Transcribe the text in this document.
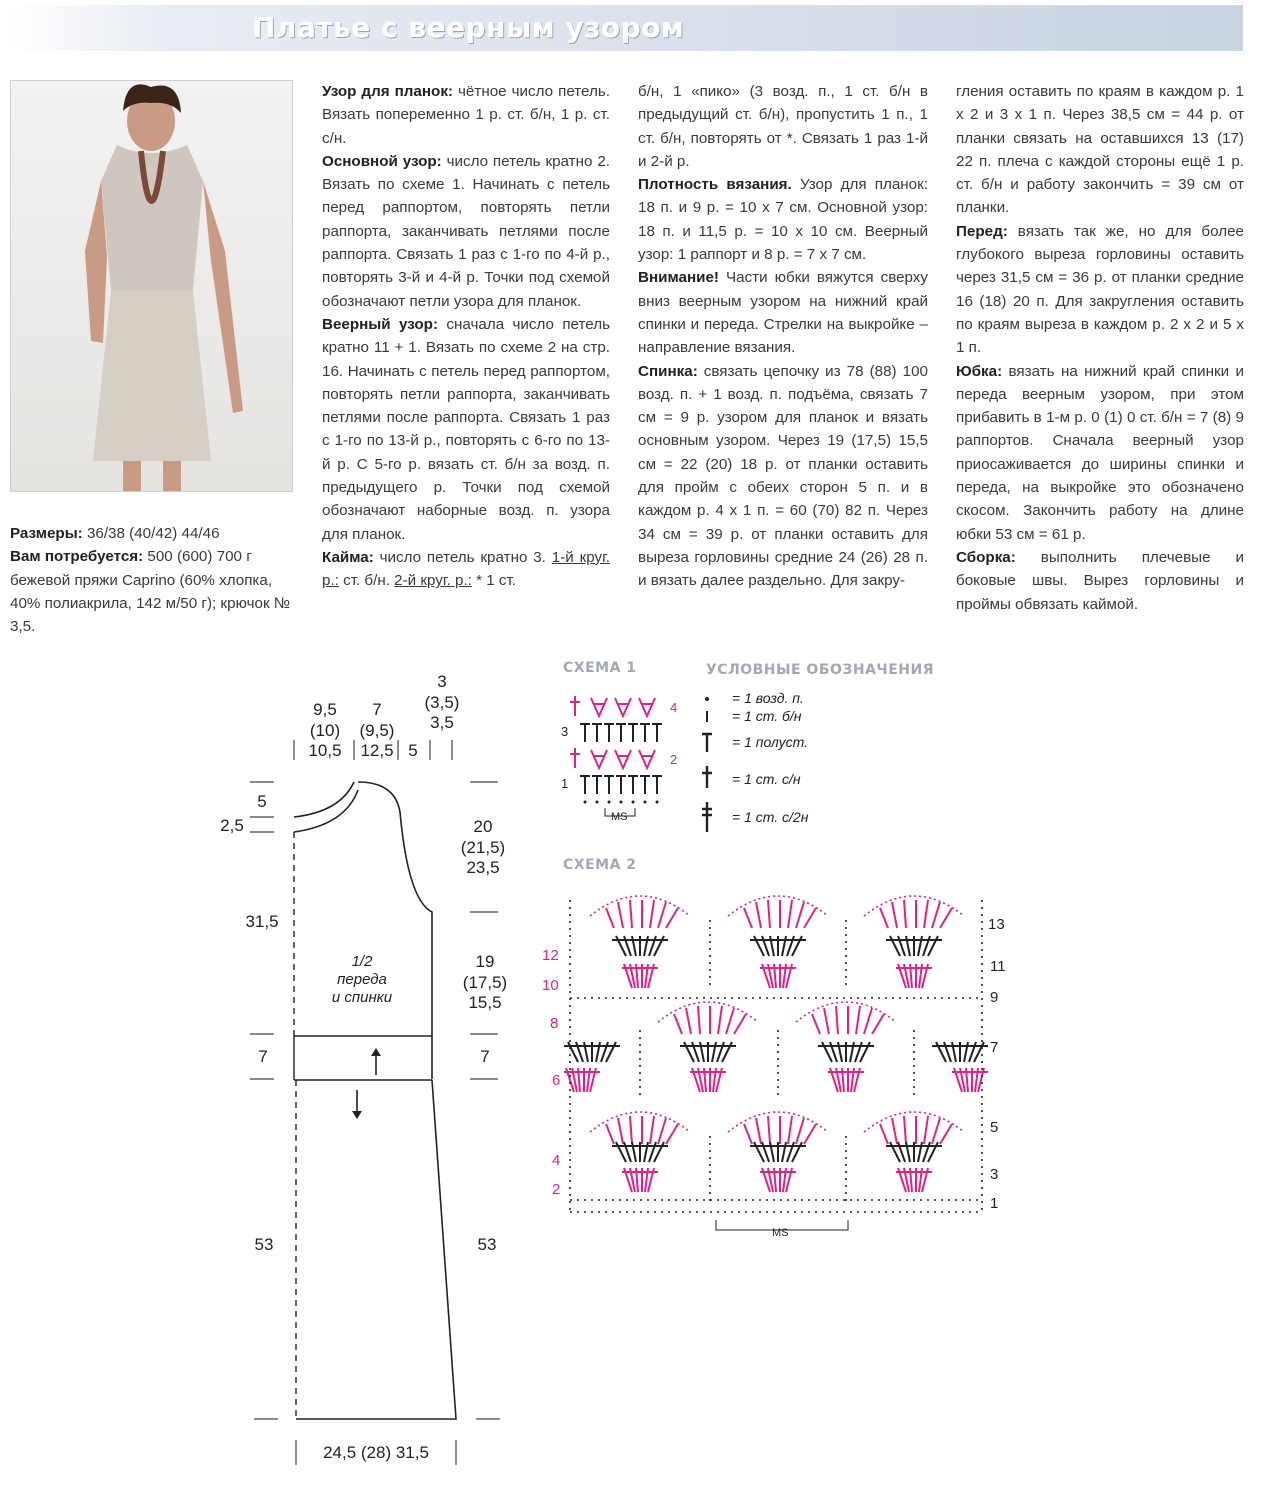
Платье с веерным узором

Размеры: 36/38 (40/42) 44/46

Вам потребуется: 500 (600) 700 г бежевой пряжи Caprino (60% хлопка, 40% полиакрила, 142 м/50 г); крючок № 3,5.

Узор для планок: чётное число петель. Вязать попеременно 1 р. ст. б/н, 1 р. ст. с/н.

Основной узор: число петель кратно 2. Вязать по схеме 1. Начинать с петель перед раппортом, повторять петли раппорта, заканчивать петлями после раппорта. Связать 1 раз с 1-го по 4-й р., повторять 3-й и 4-й р. Точки под схемой обозначают петли узора для планок.

Веерный узор: сначала число петель кратно 11 + 1. Вязать по схеме 2 на стр. 16. Начинать с петель перед раппортом, повторять петли раппорта, заканчивать петлями после раппорта. Связать 1 раз с 1-го по 13-й р., повторять с 6-го по 13-й р. С 5-го р. вязать ст. б/н за возд. п. предыдущего р. Точки под схемой обозначают наборные возд. п. узора для планок.

Кайма: число петель кратно 3. 1-й круг. р.: ст. б/н. 2-й круг. р.: * 1 ст.

б/н, 1 «пико» (3 возд. п., 1 ст. б/н в предыдущий ст. б/н), пропустить 1 п., 1 ст. б/н, повторять от *. Связать 1 раз 1-й и 2-й р.

Плотность вязания. Узор для планок: 18 п. и 9 р. = 10 х 7 см. Основной узор: 18 п. и 11,5 р. = 10 х 10 см. Веерный узор: 1 раппорт и 8 р. = 7 х 7 см.

Внимание! Части юбки вяжутся сверху вниз веерным узором на нижний край спинки и переда. Стрелки на выкройке – направление вязания.

Спинка: связать цепочку из 78 (88) 100 возд. п. + 1 возд. п. подъёма, связать 7 см = 9 р. узором для планок и вязать основным узором. Через 19 (17,5) 15,5 см = 22 (20) 18 р. от планки оставить для пройм с обеих сторон 5 п. и в каждом р. 4 х 1 п. = 60 (70) 82 п. Через 34 см = 39 р. от планки оставить для выреза горловины средние 24 (26) 28 п. и вязать далее раздельно. Для закру-

гления оставить по краям в каждом р. 1 х 2 и 3 х 1 п. Через 38,5 см = 44 р. от планки связать на оставшихся 13 (17) 22 п. плеча с каждой стороны ещё 1 р. ст. б/н и работу закончить = 39 см от планки.

Перед: вязать так же, но для более глубокого выреза горловины оставить через 31,5 см = 36 р. от планки средние 16 (18) 20 п. Для закругления оставить по краям выреза в каждом р. 2 х 2 и 5 х 1 п.

Юбка: вязать на нижний край спинки и переда веерным узором, при этом прибавить в 1-м р. 0 (1) 0 ст. б/н = 7 (8) 9 раппортов. Сначала веерный узор приосаживается до ширины спинки и переда, на выкройке это обозначено скосом. Закончить работу на длине юбки 53 см = 61 р.

Сборка: выполнить плечевые и боковые швы. Вырез горловины и проймы обвязать каймой.

9,5
(10)
10,5
7
(9,5)
12,5 5
3
(3,5)
3,5
5
2,5
31,5
7
53
20
(21,5)
23,5
19
(17,5)
15,5
7
53
24,5 (28) 31,5
1/2
переда
и спинки
СХЕМА 1
4
3
2
1
MS
УСЛОВНЫЕ ОБОЗНАЧЕНИЯ
= 1 возд. п.
= 1 ст. б/н
= 1 полуст.
= 1 ст. с/н
= 1 ст. с/2н
СХЕМА 2
12
10
8
6
4
2
13
11
9
7
5
3
1
MS
